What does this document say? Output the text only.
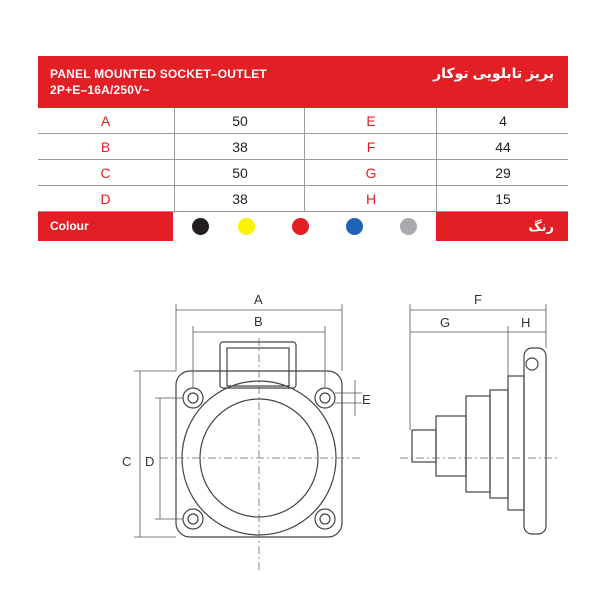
PANEL MOUNTED SOCKET–OUTLET
2P+E–16A/250V~
پریز تابلویی توکار
A	50	E	4
B	38	F	44
C	50	G	29
D	38	H	15
Colour	رنگ
A
B
C D
E
F
G	H
